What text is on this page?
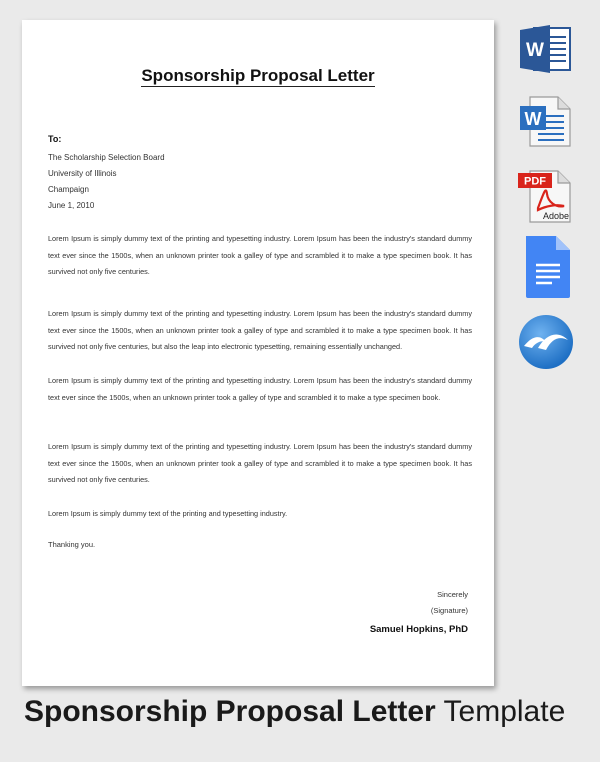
Sponsorship Proposal Letter
To:
The Scholarship Selection Board
University of Illinois
Champaign
June 1, 2010
Lorem Ipsum is simply dummy text of the printing and typesetting industry. Lorem Ipsum has been the industry's standard dummy text ever since the 1500s, when an unknown printer took a galley of type and scrambled it to make a type specimen book. It has survived not only five centuries.
Lorem Ipsum is simply dummy text of the printing and typesetting industry. Lorem Ipsum has been the industry's standard dummy text ever since the 1500s, when an unknown printer took a galley of type and scrambled it to make a type specimen book. It has survived not only five centuries, but also the leap into electronic typesetting, remaining essentially unchanged.
Lorem Ipsum is simply dummy text of the printing and typesetting industry. Lorem Ipsum has been the industry's standard dummy text ever since the 1500s, when an unknown printer took a galley of type and scrambled it to make a type specimen book.
Lorem Ipsum is simply dummy text of the printing and typesetting industry. Lorem Ipsum has been the industry's standard dummy text ever since the 1500s, when an unknown printer took a galley of type and scrambled it to make a type specimen book. It has survived not only five centuries.
Lorem Ipsum is simply dummy text of the printing and typesetting industry.
Thanking you.
Sincerely
(Signature)
Samuel Hopkins, PhD
Sponsorship Proposal Letter Template
W
W
PDF
Adobe
